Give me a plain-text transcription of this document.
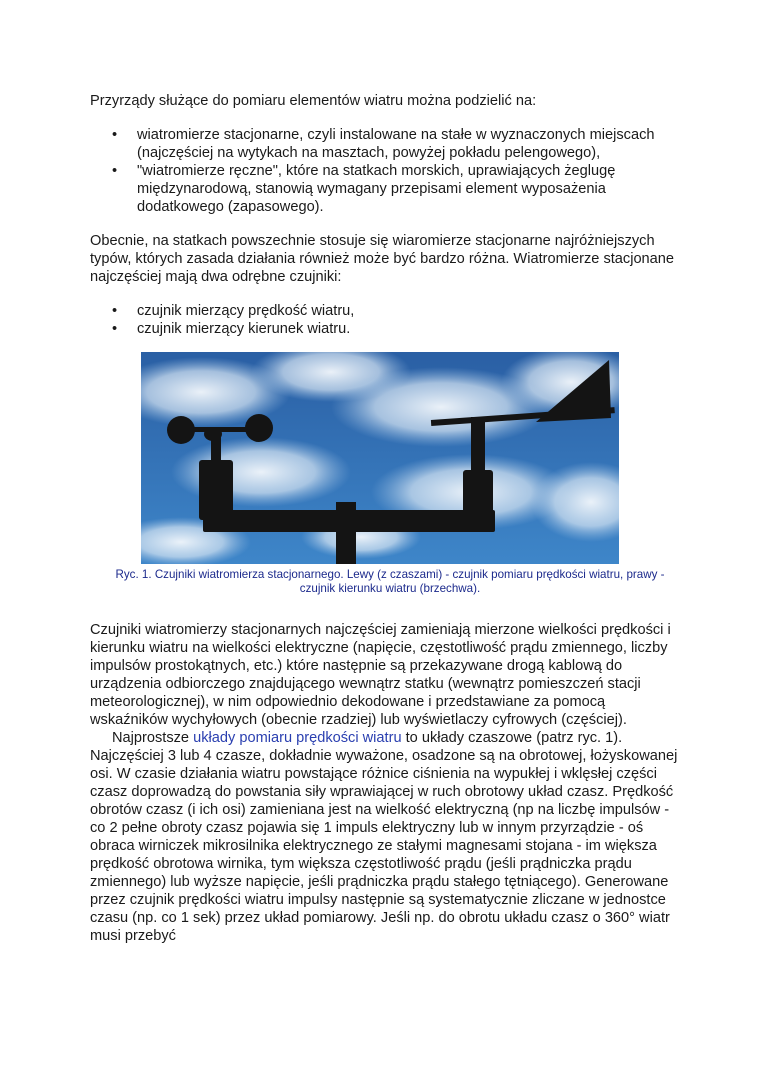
Przyrządy służące do pomiaru elementów wiatru można podzielić na:

• wiatromierze stacjonarne, czyli instalowane na stałe w wyznaczonych miejscach (najczęściej na wytykach na masztach, powyżej pokładu pelengowego),
• "wiatromierze ręczne", które na statkach morskich, uprawiających żeglugę międzynarodową, stanowią wymagany przepisami element wyposażenia dodatkowego (zapasowego).

Obecnie, na statkach powszechnie stosuje się wiaromierze stacjonarne najróżniejszych typów, których zasada działania również może być bardzo różna. Wiatromierze stacjonane najczęściej mają dwa odrębne czujniki:

• czujnik mierzący prędkość wiatru,
• czujnik mierzący kierunek wiatru.

Ryc. 1. Czujniki wiatromierza stacjonarnego. Lewy (z czaszami) - czujnik pomiaru prędkości wiatru, prawy - czujnik kierunku wiatru (brzechwa).

Czujniki wiatromierzy stacjonarnych najczęściej zamieniają mierzone wielkości prędkości i kierunku wiatru na wielkości elektryczne (napięcie, częstotliwość prądu zmiennego, liczby impulsów prostokątnych, etc.) które następnie są przekazywane drogą kablową do urządzenia odbiorczego znajdującego wewnątrz statku (wewnątrz pomieszczeń stacji meteorologicznej), w nim odpowiednio dekodowane i przedstawiane za pomocą wskaźników wychyłowych (obecnie rzadziej) lub wyświetlaczy cyfrowych (częściej).

Najprostsze układy pomiaru prędkości wiatru to układy czaszowe (patrz ryc. 1). Najczęściej 3 lub 4 czasze, dokładnie wyważone, osadzone są na obrotowej, łożyskowanej osi. W czasie działania wiatru powstające różnice ciśnienia na wypukłej i wklęsłej części czasz doprowadzą do powstania siły wprawiającej w ruch obrotowy układ czasz. Prędkość obrotów czasz (i ich osi) zamieniana jest na wielkość elektryczną (np na liczbę impulsów - co 2 pełne obroty czasz pojawia się 1 impuls elektryczny lub w innym przyrządzie - oś obraca wirniczek mikrosilnika elektrycznego ze stałymi magnesami stojana - im większa prędkość obrotowa wirnika, tym większa częstotliwość prądu (jeśli prądniczka prądu zmiennego) lub wyższe napięcie, jeśli prądniczka prądu stałego tętniącego). Generowane przez czujnik prędkości wiatru impulsy następnie są systematycznie zliczane w jednostce czasu (np. co 1 sek) przez układ pomiarowy. Jeśli np. do obrotu układu czasz o 360° wiatr musi przebyć
